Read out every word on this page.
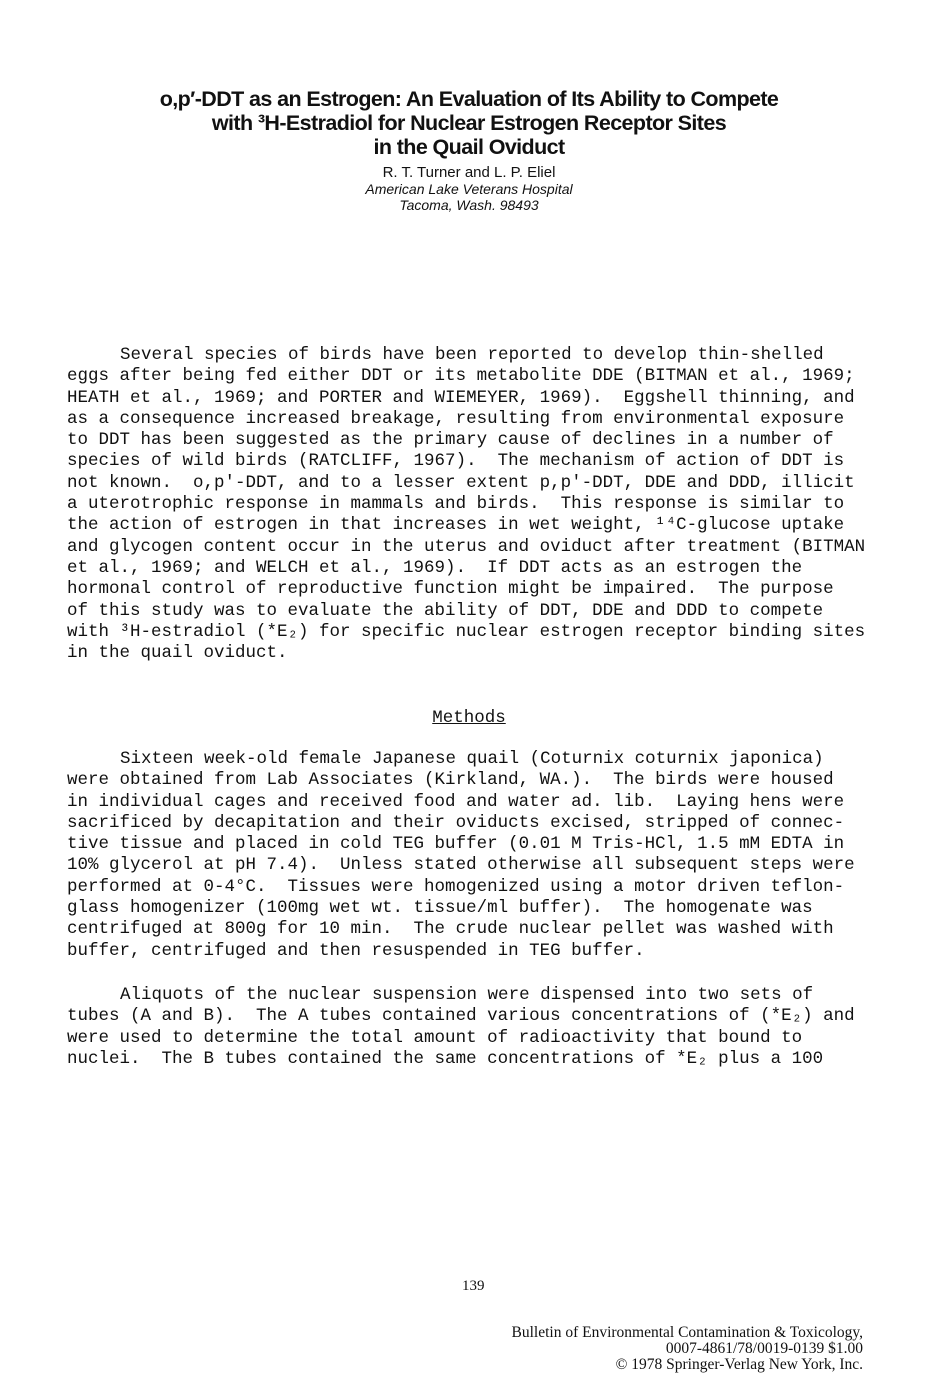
o,p′-DDT as an Estrogen: An Evaluation of Its Ability to Compete
with ³H-Estradiol for Nuclear Estrogen Receptor Sites
in the Quail Oviduct
R. T. Turner and L. P. Eliel
American Lake Veterans Hospital
Tacoma, Wash. 98493
Several species of birds have been reported to develop thin-shelled
eggs after being fed either DDT or its metabolite DDE (BITMAN et al., 1969;
HEATH et al., 1969; and PORTER and WIEMEYER, 1969).  Eggshell thinning, and
as a consequence increased breakage, resulting from environmental exposure
to DDT has been suggested as the primary cause of declines in a number of
species of wild birds (RATCLIFF, 1967).  The mechanism of action of DDT is
not known.  o,p'-DDT, and to a lesser extent p,p'-DDT, DDE and DDD, illicit
a uterotrophic response in mammals and birds.  This response is similar to
the action of estrogen in that increases in wet weight, ¹⁴C-glucose uptake
and glycogen content occur in the uterus and oviduct after treatment (BITMAN
et al., 1969; and WELCH et al., 1969).  If DDT acts as an estrogen the
hormonal control of reproductive function might be impaired.  The purpose
of this study was to evaluate the ability of DDT, DDE and DDD to compete
with ³H-estradiol (*E₂) for specific nuclear estrogen receptor binding sites
in the quail oviduct.
Methods
Sixteen week-old female Japanese quail (Coturnix coturnix japonica)
were obtained from Lab Associates (Kirkland, WA.).  The birds were housed
in individual cages and received food and water ad. lib.  Laying hens were
sacrificed by decapitation and their oviducts excised, stripped of connec-
tive tissue and placed in cold TEG buffer (0.01 M Tris-HCl, 1.5 mM EDTA in
10% glycerol at pH 7.4).  Unless stated otherwise all subsequent steps were
performed at 0-4°C.  Tissues were homogenized using a motor driven teflon-
glass homogenizer (100mg wet wt. tissue/ml buffer).  The homogenate was
centrifuged at 800g for 10 min.  The crude nuclear pellet was washed with
buffer, centrifuged and then resuspended in TEG buffer.
Aliquots of the nuclear suspension were dispensed into two sets of
tubes (A and B).  The A tubes contained various concentrations of (*E₂) and
were used to determine the total amount of radioactivity that bound to
nuclei.  The B tubes contained the same concentrations of *E₂ plus a 100
139
Bulletin of Environmental Contamination & Toxicology,
0007-4861/78/0019-0139 $1.00
© 1978 Springer-Verlag New York, Inc.
